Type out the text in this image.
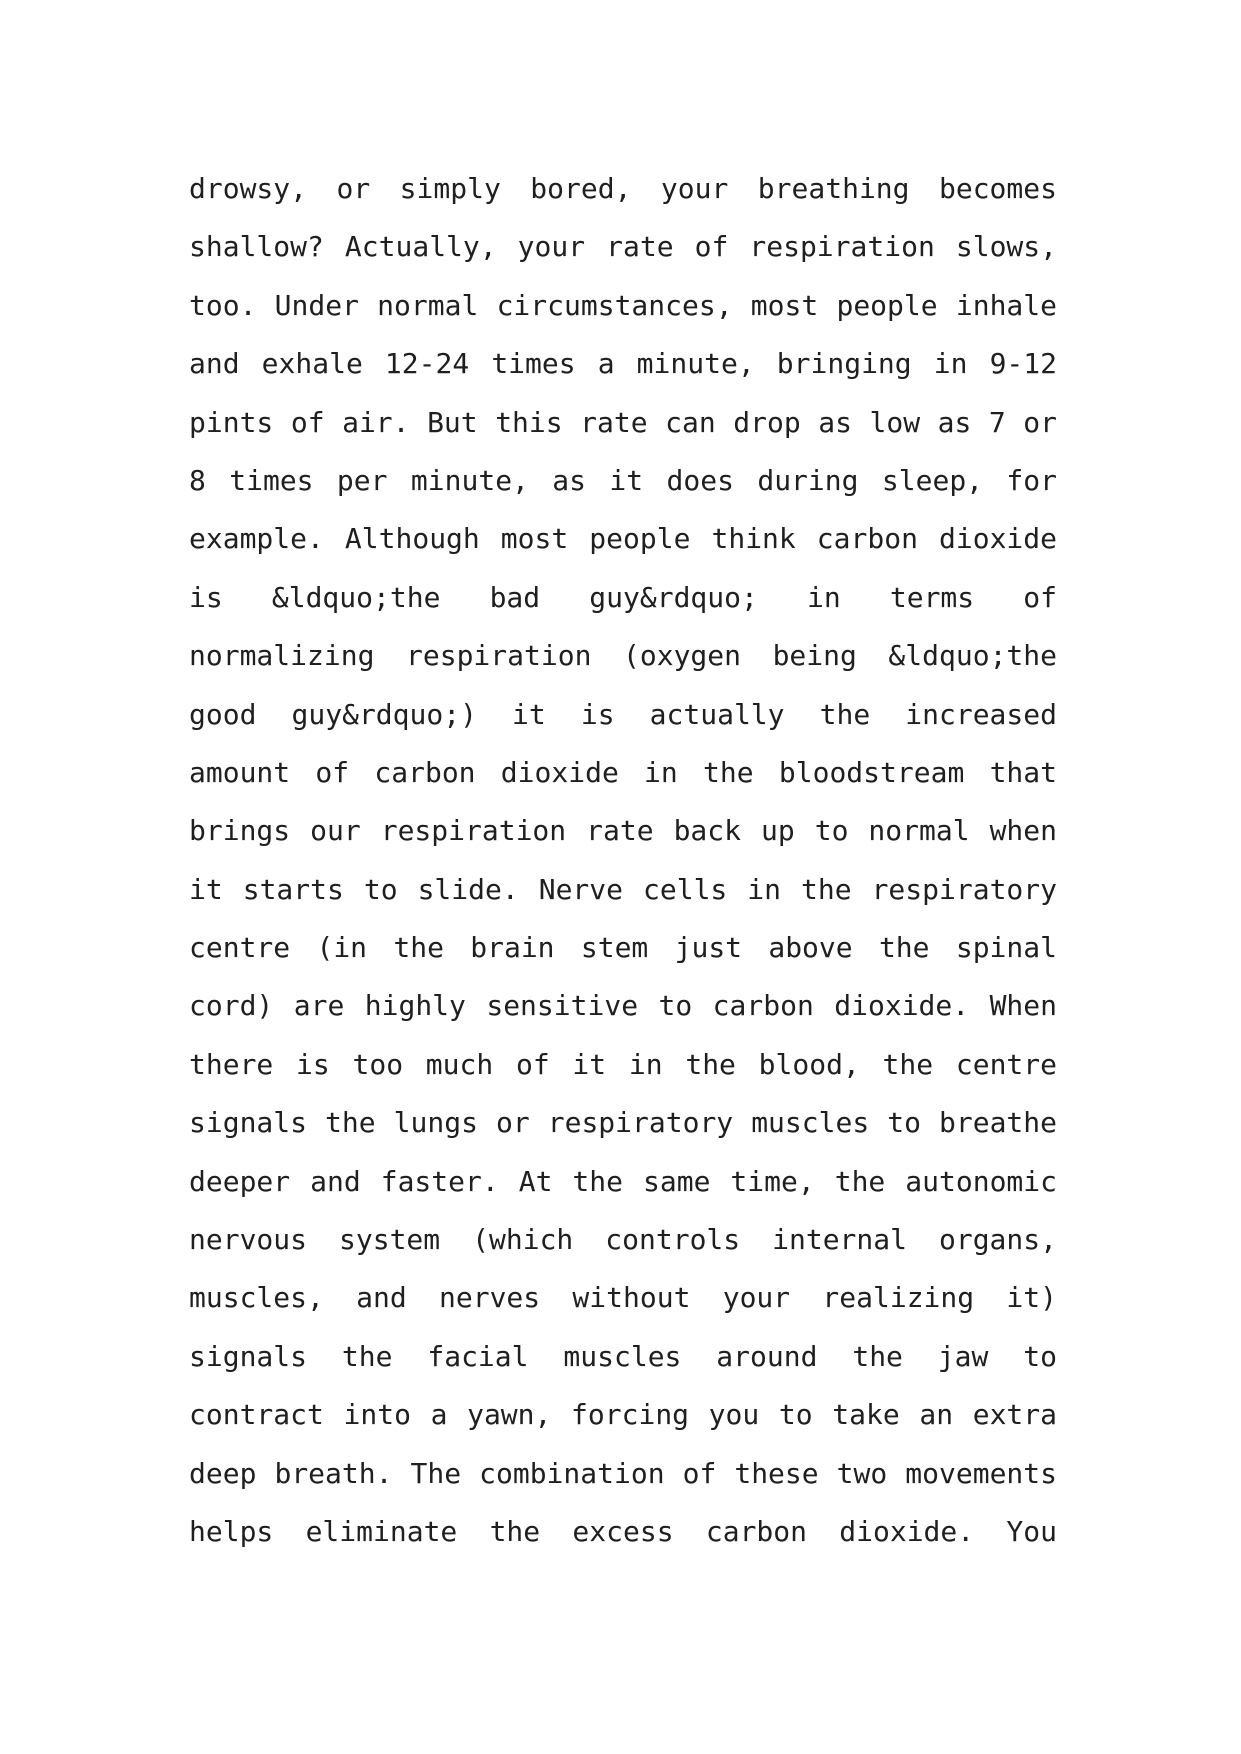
drowsy, or simply bored, your breathing becomes
shallow? Actually, your rate of respiration slows,
too. Under normal circumstances, most people inhale
and exhale 12-24 times a minute, bringing in 9-12
pints of air. But this rate can drop as low as 7 or
8 times per minute, as it does during sleep, for
example. Although most people think carbon dioxide
is &ldquo;the bad guy&rdquo; in terms of
normalizing respiration (oxygen being &ldquo;the
good guy&rdquo;) it is actually the increased
amount of carbon dioxide in the bloodstream that
brings our respiration rate back up to normal when
it starts to slide. Nerve cells in the respiratory
centre (in the brain stem just above the spinal
cord) are highly sensitive to carbon dioxide. When
there is too much of it in the blood, the centre
signals the lungs or respiratory muscles to breathe
deeper and faster. At the same time, the autonomic
nervous system (which controls internal organs,
muscles, and nerves without your realizing it)
signals the facial muscles around the jaw to
contract into a yawn, forcing you to take an extra
deep breath. The combination of these two movements
helps eliminate the excess carbon dioxide. You
